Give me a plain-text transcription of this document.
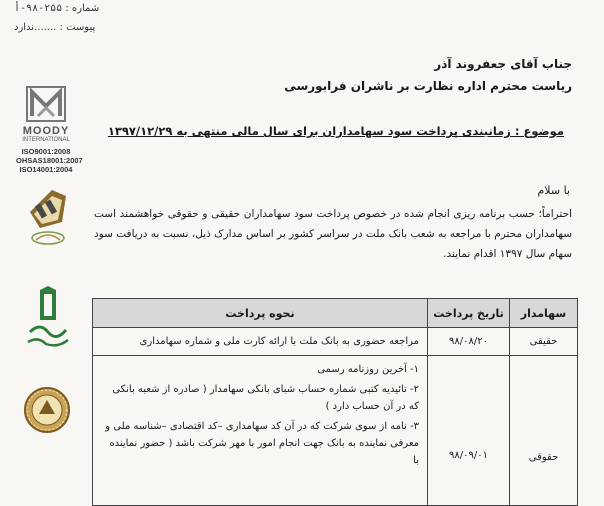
شماره : ۲۵۵-۹۸-أ
پیوست : .......ندارد
جناب آقای جعفروند آذر
ریاست محترم اداره نظارت بر ناشران فرابورسی
موضوع : زمانبندی پرداخت سود سهامداران برای سال مالی منتهی به ۱۳۹۷/۱۲/۲۹
با سلام
احتراماً؛ حسب برنامه ریزی انجام شده در خصوص پرداخت سود سهامداران حقیقی و حقوقی خواهشمند است سهامداران محترم با مراجعه به شعب بانک ملت در سراسر کشور بر اساس مدارک ذیل، نسبت به دریافت سود سهام سال ۱۳۹۷ اقدام نمایند.
MOODY
INTERNATIONAL
ISO9001:2008
OHSAS18001:2007
ISO14001:2004
سهامدار	تاریخ پرداخت	نحوه پرداخت
حقیقی	۹۸/۰۸/۲۰	مراجعه حضوری به بانک ملت با ارائه کارت ملی و شماره سهامداری
حقوقی	۹۸/۰۹/۰۱	۱- آخرین روزنامه رسمی
۲- تائیدیه کتبی شماره حساب شبای بانکی سهامدار ( صادره از شعبه بانکی که در آن حساب دارد )
۳- نامه از سوی شرکت که در آن کد سهامداری –کد اقتصادی –شناسه ملی و معرفی نماینده به بانک جهت انجام امور با مهر شرکت باشد ( حضور نماینده با
